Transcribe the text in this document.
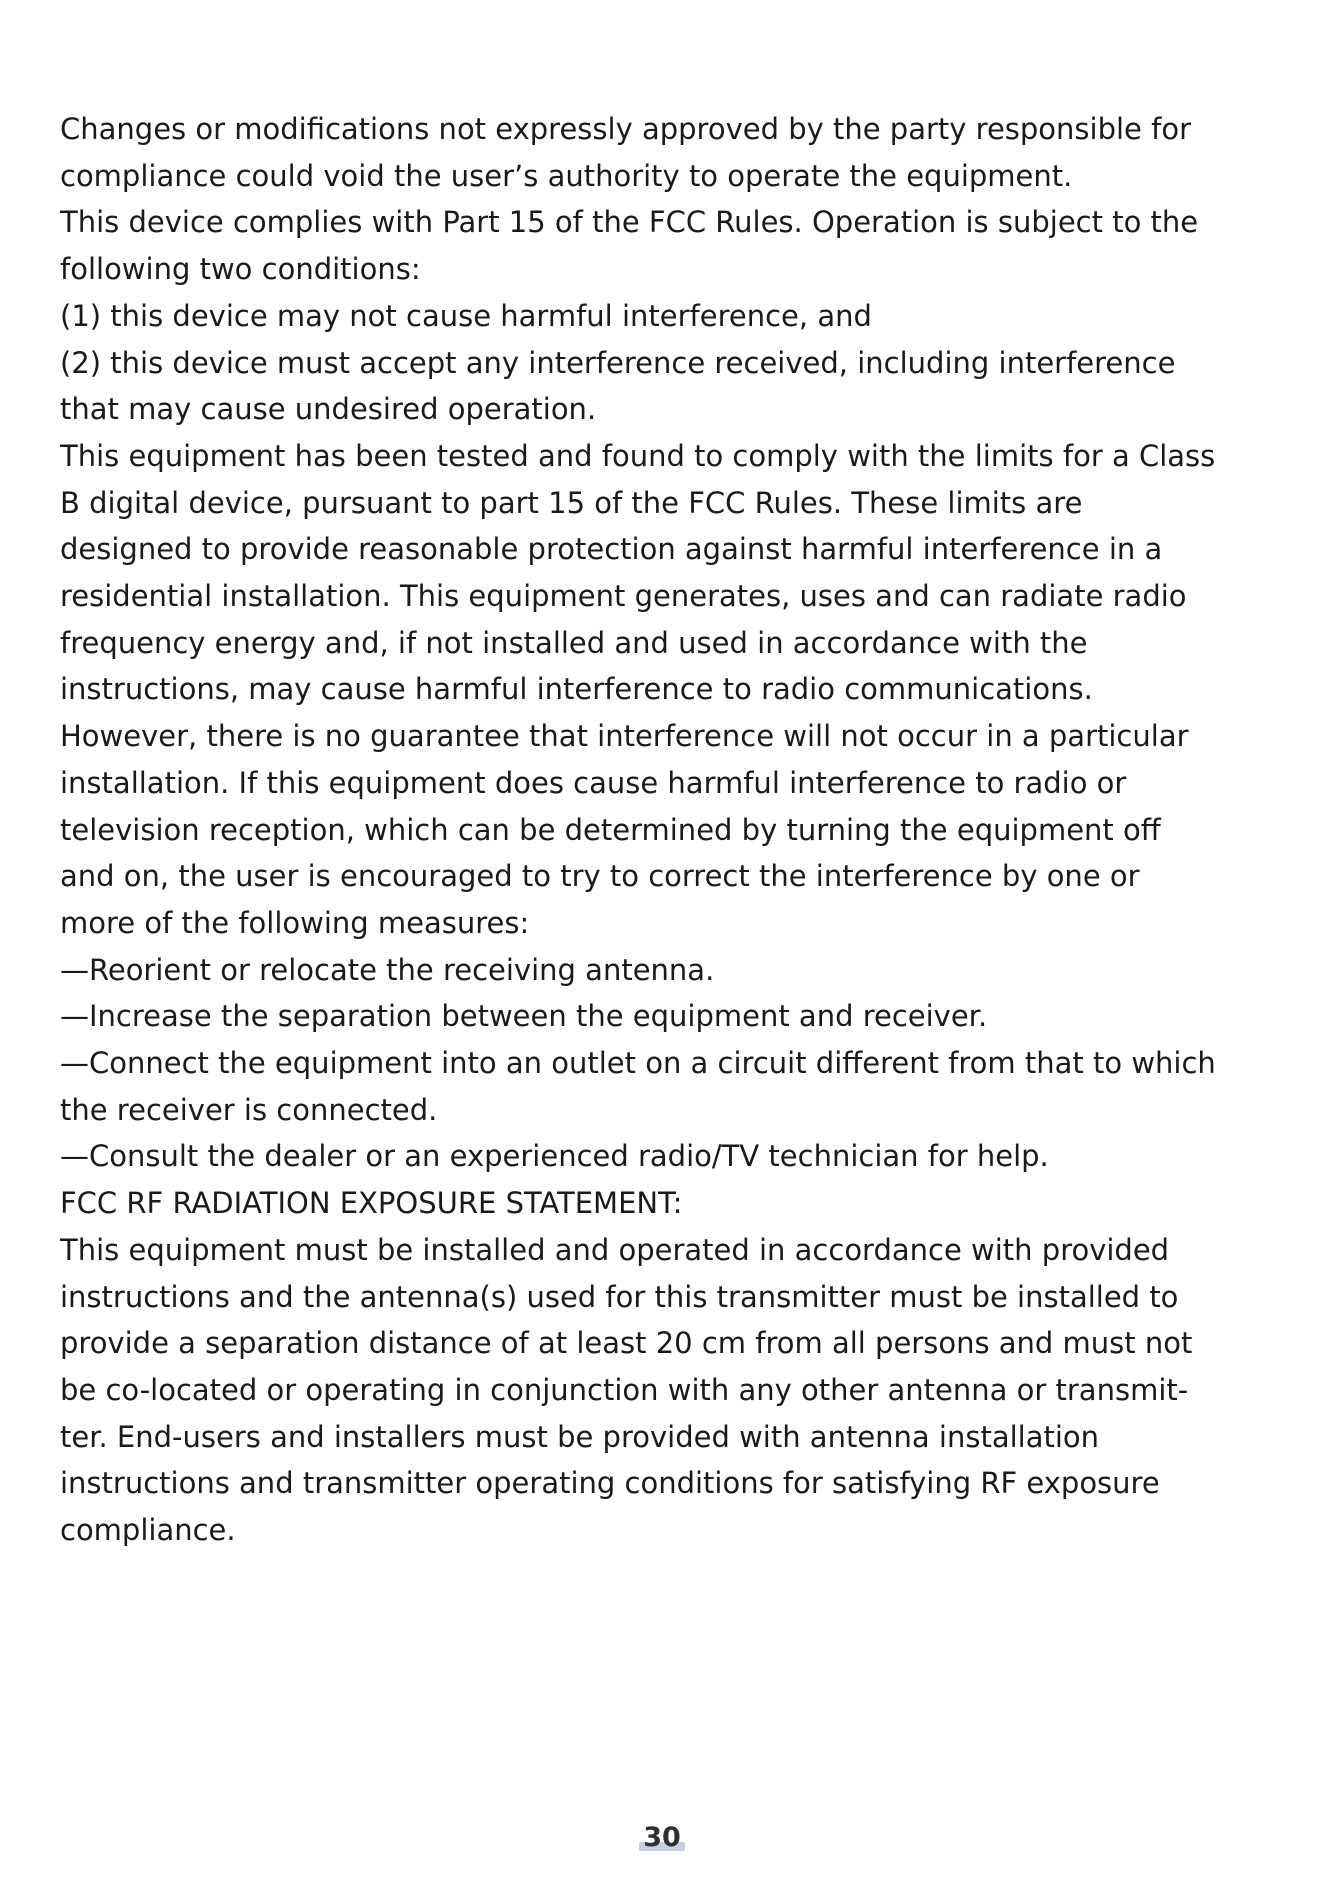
Changes or modifications not expressly approved by the party responsible for
compliance could void the user’s authority to operate the equipment.

This device complies with Part 15 of the FCC Rules. Operation is subject to the
following two conditions:
(1) this device may not cause harmful interference, and
(2) this device must accept any interference received, including interference
that may cause undesired operation.

This equipment has been tested and found to comply with the limits for a Class
B digital device, pursuant to part 15 of the FCC Rules. These limits are
designed to provide reasonable protection against harmful interference in a
residential installation. This equipment generates, uses and can radiate radio
frequency energy and, if not installed and used in accordance with the
instructions, may cause harmful interference to radio communications.
However, there is no guarantee that interference will not occur in a particular
installation. If this equipment does cause harmful interference to radio or
television reception, which can be determined by turning the equipment off
and on, the user is encouraged to try to correct the interference by one or
more of the following measures:
—Reorient or relocate the receiving antenna.
—Increase the separation between the equipment and receiver.
—Connect the equipment into an outlet on a circuit different from that to which
the receiver is connected.
—Consult the dealer or an experienced radio/TV technician for help.

FCC RF RADIATION EXPOSURE STATEMENT:
This equipment must be installed and operated in accordance with provided
instructions and the antenna(s) used for this transmitter must be installed to
provide a separation distance of at least 20 cm from all persons and must not
be co-located or operating in conjunction with any other antenna or transmit-
ter. End-users and installers must be provided with antenna installation
instructions and transmitter operating conditions for satisfying RF exposure
compliance.

30
